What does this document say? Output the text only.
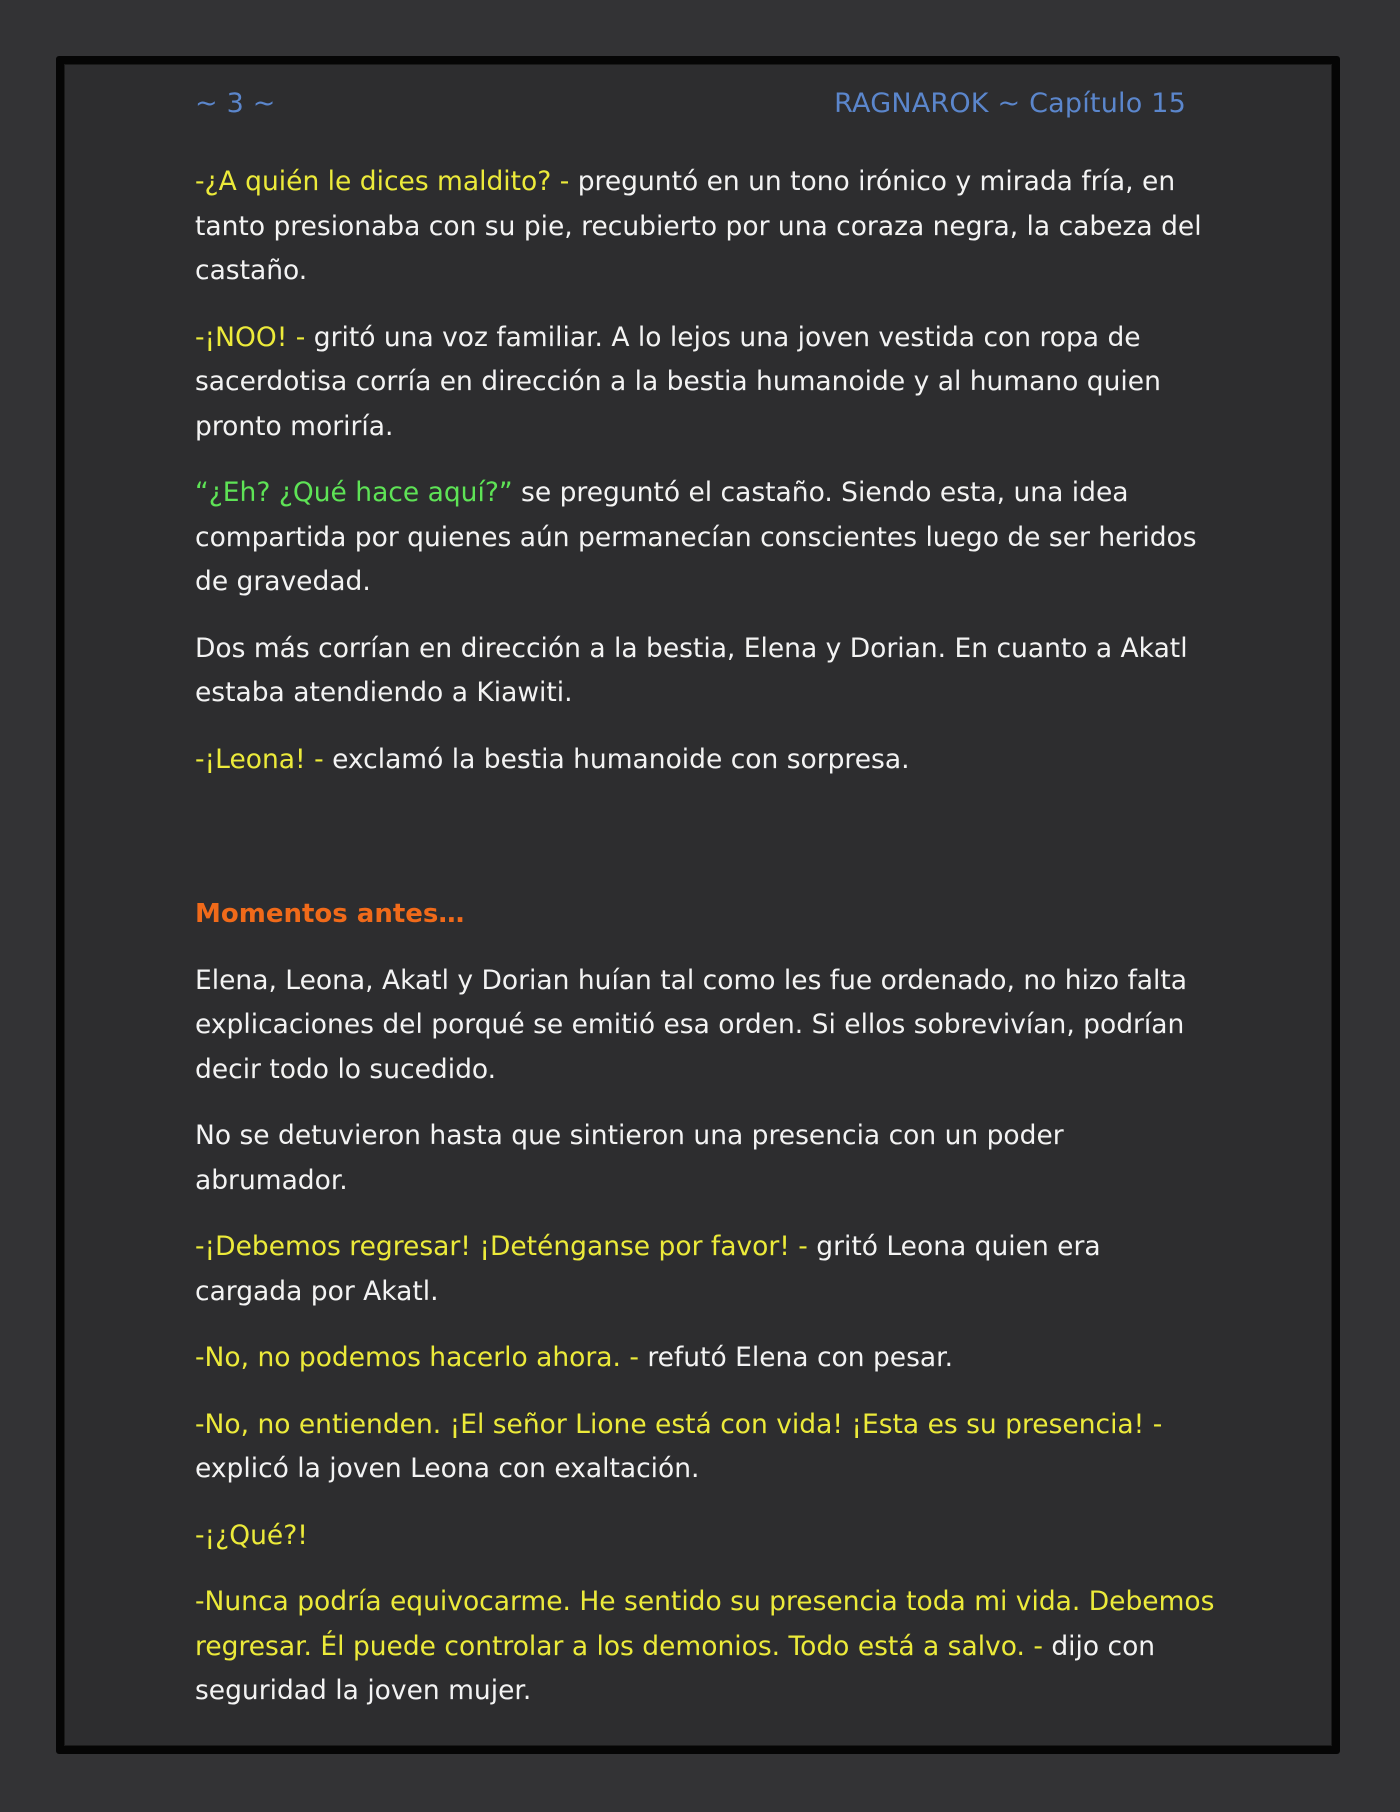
~ 3 ~	RAGNAROK ~ Capítulo 15

-¿A quién le dices maldito? - preguntó en un tono irónico y mirada fría, en tanto presionaba con su pie, recubierto por una coraza negra, la cabeza del castaño.

-¡NOO! - gritó una voz familiar. A lo lejos una joven vestida con ropa de sacerdotisa corría en dirección a la bestia humanoide y al humano quien pronto moriría.

“¿Eh? ¿Qué hace aquí?” se preguntó el castaño. Siendo esta, una idea compartida por quienes aún permanecían conscientes luego de ser heridos de gravedad.

Dos más corrían en dirección a la bestia, Elena y Dorian. En cuanto a Akatl estaba atendiendo a Kiawiti.

-¡Leona! - exclamó la bestia humanoide con sorpresa.

Momentos antes…

Elena, Leona, Akatl y Dorian huían tal como les fue ordenado, no hizo falta explicaciones del porqué se emitió esa orden. Si ellos sobrevivían, podrían decir todo lo sucedido.

No se detuvieron hasta que sintieron una presencia con un poder abrumador.

-¡Debemos regresar! ¡Deténganse por favor! - gritó Leona quien era cargada por Akatl.

-No, no podemos hacerlo ahora. - refutó Elena con pesar.

-No, no entienden. ¡El señor Lione está con vida! ¡Esta es su presencia! - explicó la joven Leona con exaltación.

-¡¿Qué?!

-Nunca podría equivocarme. He sentido su presencia toda mi vida. Debemos regresar. Él puede controlar a los demonios. Todo está a salvo. - dijo con seguridad la joven mujer.
